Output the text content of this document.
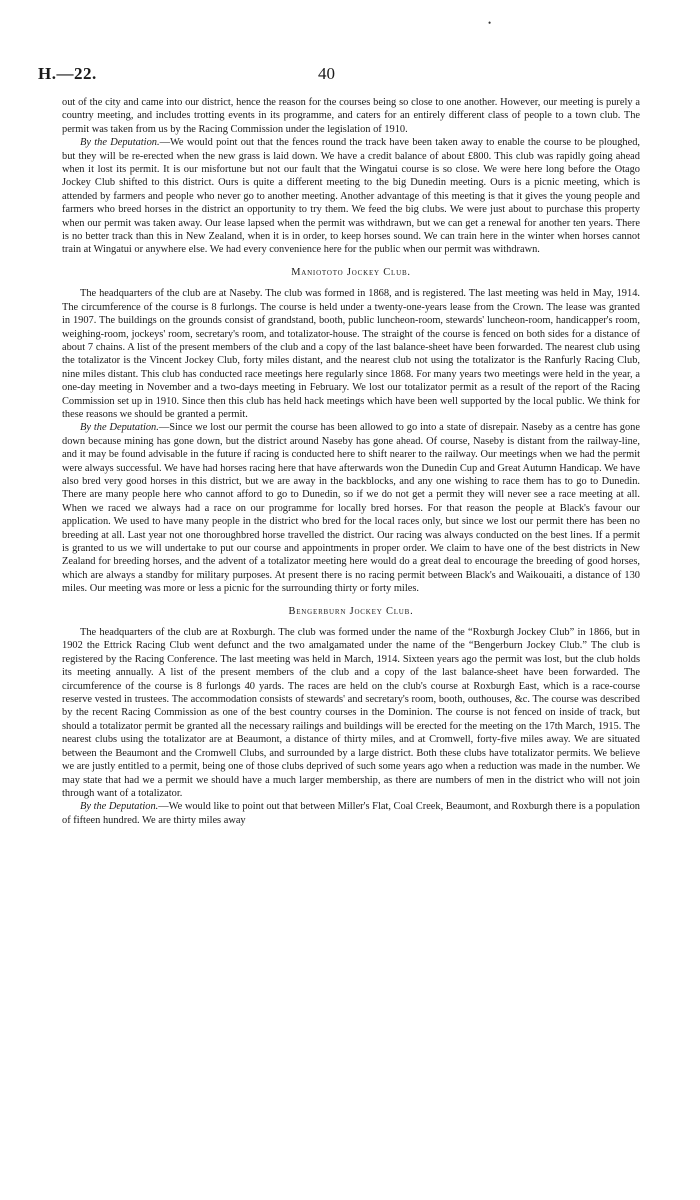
•
H.—22.	40

out of the city and came into our district, hence the reason for the courses being so close to one another. However, our meeting is purely a country meeting, and includes trotting events in its programme, and caters for an entirely different class of people to a town club. The permit was taken from us by the Racing Commission under the legislation of 1910.

By the Deputation.—We would point out that the fences round the track have been taken away to enable the course to be ploughed, but they will be re-erected when the new grass is laid down. We have a credit balance of about £800. This club was rapidly going ahead when it lost its permit. It is our misfortune but not our fault that the Wingatui course is so close. We were here long before the Otago Jockey Club shifted to this district. Ours is quite a different meeting to the big Dunedin meeting. Ours is a picnic meeting, which is attended by farmers and people who never go to another meeting. Another advantage of this meeting is that it gives the young people and farmers who breed horses in the district an opportunity to try them. We feed the big clubs. We were just about to purchase this property when our permit was taken away. Our lease lapsed when the permit was withdrawn, but we can get a renewal for another ten years. There is no better track than this in New Zealand, when it is in order, to keep horses sound. We can train here in the winter when horses cannot train at Wingatui or anywhere else. We had every convenience here for the public when our permit was withdrawn.

Maniototo Jockey Club.

The headquarters of the club are at Naseby. The club was formed in 1868, and is registered. The last meeting was held in May, 1914. The circumference of the course is 8 furlongs. The course is held under a twenty-one-years lease from the Crown. The lease was granted in 1907. The buildings on the grounds consist of grandstand, booth, public luncheon-room, stewards' luncheon-room, handicapper's room, weighing-room, jockeys' room, secretary's room, and totalizator-house. The straight of the course is fenced on both sides for a distance of about 7 chains. A list of the present members of the club and a copy of the last balance-sheet have been forwarded. The nearest club using the totalizator is the Vincent Jockey Club, forty miles distant, and the nearest club not using the totalizator is the Ranfurly Racing Club, nine miles distant. This club has conducted race meetings here regularly since 1868. For many years two meetings were held in the year, a one-day meeting in November and a two-days meeting in February. We lost our totalizator permit as a result of the report of the Racing Commission set up in 1910. Since then this club has held hack meetings which have been well supported by the local public. We think for these reasons we should be granted a permit.

By the Deputation.—Since we lost our permit the course has been allowed to go into a state of disrepair. Naseby as a centre has gone down because mining has gone down, but the district around Naseby has gone ahead. Of course, Naseby is distant from the railway-line, and it may be found advisable in the future if racing is conducted here to shift nearer to the railway. Our meetings when we had the permit were always successful. We have had horses racing here that have afterwards won the Dunedin Cup and Great Autumn Handicap. We have also bred very good horses in this district, but we are away in the backblocks, and any one wishing to race them has to go to Dunedin. There are many people here who cannot afford to go to Dunedin, so if we do not get a permit they will never see a race meeting at all. When we raced we always had a race on our programme for locally bred horses. For that reason the people at Black's favour our application. We used to have many people in the district who bred for the local races only, but since we lost our permit there has been no breeding at all. Last year not one thoroughbred horse travelled the district. Our racing was always conducted on the best lines. If a permit is granted to us we will undertake to put our course and appointments in proper order. We claim to have one of the best districts in New Zealand for breeding horses, and the advent of a totalizator meeting here would do a great deal to encourage the breeding of good horses, which are always a standby for military purposes. At present there is no racing permit between Black's and Waikouaiti, a distance of 130 miles. Our meeting was more or less a picnic for the surrounding thirty or forty miles.

Bengerburn Jockey Club.

The headquarters of the club are at Roxburgh. The club was formed under the name of the “Roxburgh Jockey Club” in 1866, but in 1902 the Ettrick Racing Club went defunct and the two amalgamated under the name of the “Bengerburn Jockey Club.” The club is registered by the Racing Conference. The last meeting was held in March, 1914. Sixteen years ago the permit was lost, but the club holds its meeting annually. A list of the present members of the club and a copy of the last balance-sheet have been forwarded. The circumference of the course is 8 furlongs 40 yards. The races are held on the club's course at Roxburgh East, which is a race-course reserve vested in trustees. The accommodation consists of stewards' and secretary's room, booth, outhouses, &c. The course was described by the recent Racing Commission as one of the best country courses in the Dominion. The course is not fenced on inside of track, but should a totalizator permit be granted all the necessary railings and buildings will be erected for the meeting on the 17th March, 1915. The nearest clubs using the totalizator are at Beaumont, a distance of thirty miles, and at Cromwell, forty-five miles away. We are situated between the Beaumont and the Cromwell Clubs, and surrounded by a large district. Both these clubs have totalizator permits. We believe we are justly entitled to a permit, being one of those clubs deprived of such some years ago when a reduction was made in the number. We may state that had we a permit we should have a much larger membership, as there are numbers of men in the district who will not join through want of a totalizator.

By the Deputation.—We would like to point out that between Miller's Flat, Coal Creek, Beaumont, and Roxburgh there is a population of fifteen hundred. We are thirty miles away
